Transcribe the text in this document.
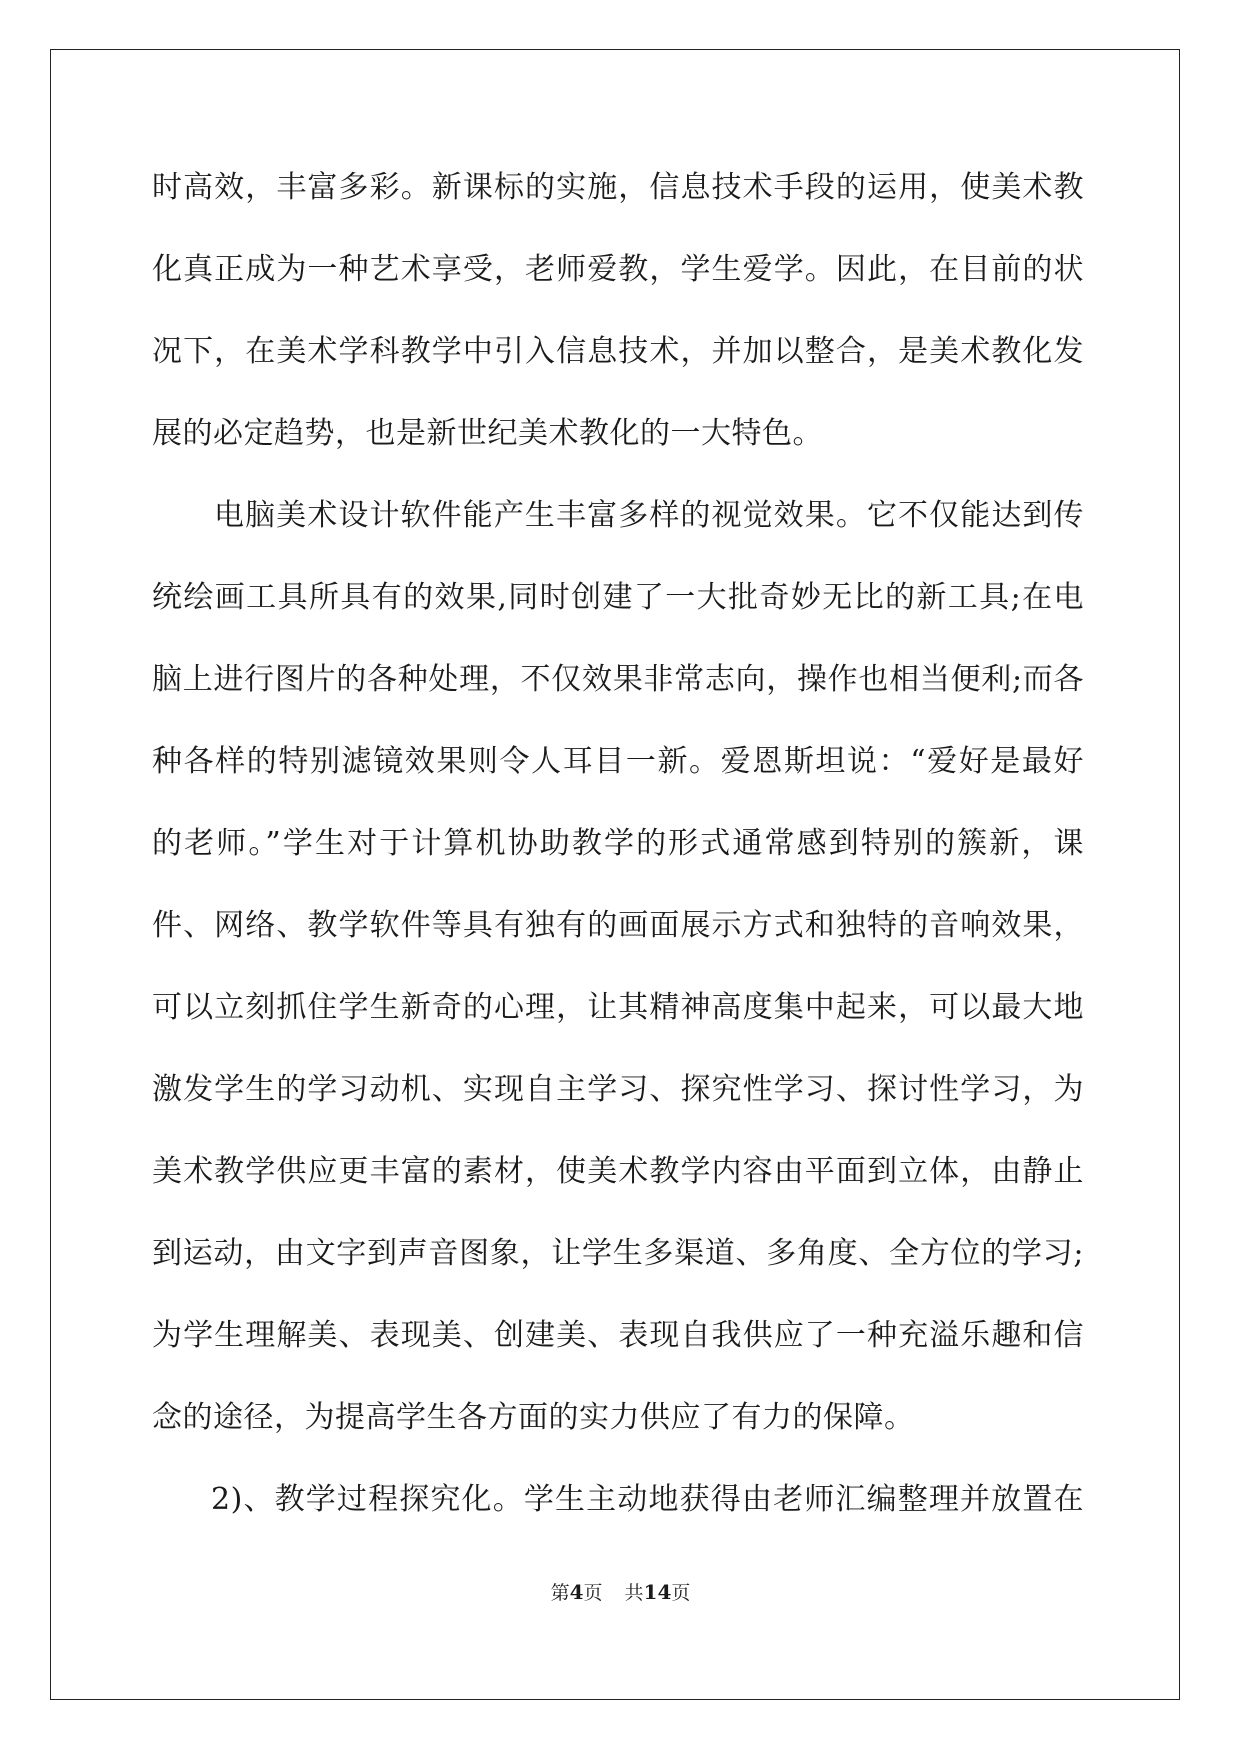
时高效，丰富多彩。新课标的实施，信息技术手段的运用，使美术教
化真正成为一种艺术享受，老师爱教，学生爱学。因此，在目前的状
况下，在美术学科教学中引入信息技术，并加以整合，是美术教化发
展的必定趋势，也是新世纪美术教化的一大特色。
电脑美术设计软件能产生丰富多样的视觉效果。它不仅能达到传
统绘画工具所具有的效果,同时创建了一大批奇妙无比的新工具;在电
脑上进行图片的各种处理，不仅效果非常志向，操作也相当便利;而各
种各样的特别滤镜效果则令人耳目一新。爱恩斯坦说：“爱好是最好
的老师。”学生对于计算机协助教学的形式通常感到特别的簇新，课
件、网络、教学软件等具有独有的画面展示方式和独特的音响效果，
可以立刻抓住学生新奇的心理，让其精神高度集中起来，可以最大地
激发学生的学习动机、实现自主学习、探究性学习、探讨性学习，为
美术教学供应更丰富的素材，使美术教学内容由平面到立体，由静止
到运动，由文字到声音图象，让学生多渠道、多角度、全方位的学习;
为学生理解美、表现美、创建美、表现自我供应了一种充溢乐趣和信
念的途径，为提高学生各方面的实力供应了有力的保障。
2)、教学过程探究化。学生主动地获得由老师汇编整理并放置在
第4页 共14页
